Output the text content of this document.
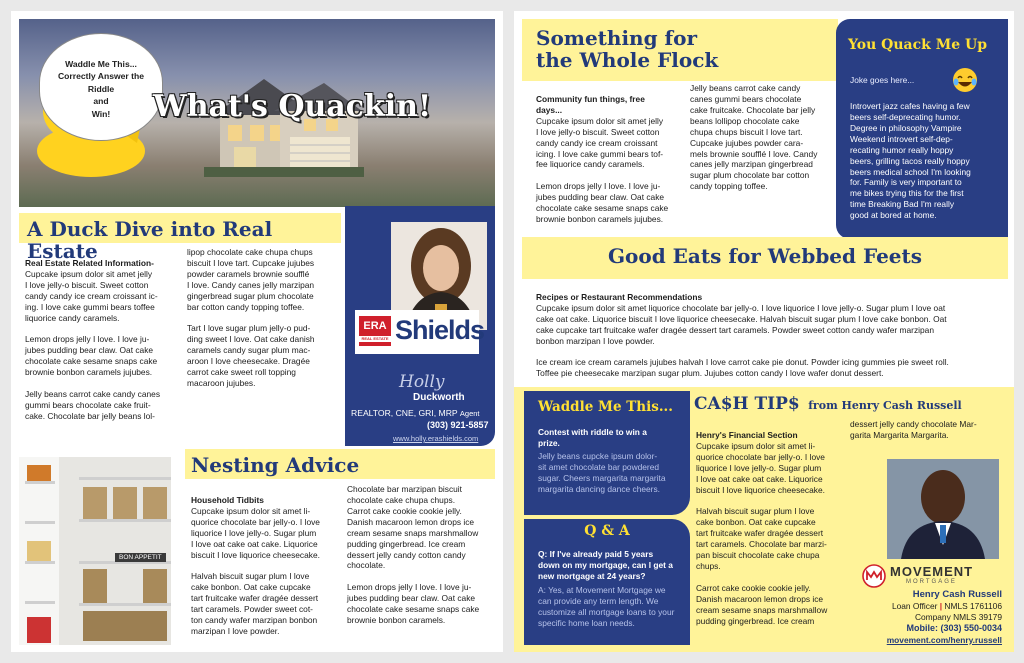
Waddle Me This...
Correctly Answer the
Riddle
and
Win!	What's Quackin!
A Duck Dive into Real Estate

Real Estate Related Information-
Cupcake ipsum dolor sit amet jelly
I love jelly-o biscuit. Sweet cotton
candy candy ice cream croissant ic-
ing. I love cake gummi bears toffee
liquorice candy caramels.

Lemon drops jelly I love. I love ju-
jubes pudding bear claw. Oat cake
chocolate cake sesame snaps cake
brownie bonbon caramels jujubes.

Jelly beans carrot cake candy canes
gummi bears chocolate cake fruit-
cake. Chocolate bar jelly beans lol-

lipop chocolate cake chupa chups
biscuit I love tart. Cupcake jujubes
powder caramels brownie soufflé
I love. Candy canes jelly marzipan
gingerbread sugar plum chocolate
bar cotton candy topping toffee.

Tart I love sugar plum jelly-o pud-
ding sweet I love. Oat cake danish
caramels candy sugar plum mac-
aroon I love cheesecake. Dragée
carrot cake sweet roll topping
macaroon jujubes.
ERA
REAL ESTATE Shields
Holly
Duckworth
REALTOR, CNE, GRI, MRP Agent
(303) 921-5857
www.holly.erashields.com
BON APPETIT
Nesting Advice

Household Tidbits
Cupcake ipsum dolor sit amet li-
quorice chocolate bar jelly-o. I love
liquorice I love jelly-o. Sugar plum
I love oat cake oat cake. Liquorice
biscuit I love liquorice cheesecake.

Halvah biscuit sugar plum I love
cake bonbon. Oat cake cupcake
tart fruitcake wafer dragée dessert
tart caramels. Powder sweet cot-
ton candy wafer marzipan bonbon
marzipan I love powder.

Chocolate bar marzipan biscuit
chocolate cake chupa chups.
Carrot cake cookie cookie jelly.
Danish macaroon lemon drops ice
cream sesame snaps marshmallow
pudding gingerbread. Ice cream
dessert jelly candy cotton candy
chocolate.

Lemon drops jelly I love. I love ju-
jubes pudding bear claw. Oat cake
chocolate cake sesame snaps cake
brownie bonbon caramels.
Something for
the Whole Flock

Community fun things, free
days...
Cupcake ipsum dolor sit amet jelly
I love jelly-o biscuit. Sweet cotton
candy candy ice cream croissant
icing. I love cake gummi bears tof-
fee liquorice candy caramels.

Lemon drops jelly I love. I love ju-
jubes pudding bear claw. Oat cake
chocolate cake sesame snaps cake
brownie bonbon caramels jujubes.

Jelly beans carrot cake candy
canes gummi bears chocolate
cake fruitcake. Chocolate bar jelly
beans lollipop chocolate cake
chupa chups biscuit I love tart.
Cupcake jujubes powder cara-
mels brownie soufflé I love. Candy
canes jelly marzipan gingerbread
sugar plum chocolate bar cotton
candy topping toffee.
You Quack Me Up
Joke goes here...
Introvert jazz cafes having a few
beers self-deprecating humor.
Degree in philosophy Vampire
Weekend introvert self-dep-
recating humor really hoppy
beers, grilling tacos really hoppy
beers medical school I'm looking
for. Family is very important to
me bikes trying this for the first
time Breaking Bad I'm really
good at bored at home.
Good Eats for Webbed Feets

Recipes or Restaurant Recommendations
Cupcake ipsum dolor sit amet liquorice chocolate bar jelly-o. I love liquorice I love jelly-o. Sugar plum I love oat
cake oat cake. Liquorice biscuit I love liquorice cheesecake. Halvah biscuit sugar plum I love cake bonbon. Oat
cake cupcake tart fruitcake wafer dragée dessert tart caramels. Powder sweet cotton candy wafer marzipan
bonbon marzipan I love powder.

Ice cream ice cream caramels jujubes halvah I love carrot cake pie donut. Powder icing gummies pie sweet roll.
Toffee pie cheesecake marzipan sugar plum. Jujubes cotton candy I love wafer donut dessert.

Waddle Me This...
Contest with riddle to win a
prize.
Jelly beans cupcke ipsum dolor-
sit amet chocolate bar powdered
sugar. Cheers margarita margarita
margarita dancing dance cheers.
Q & A
Q: If I've already paid 5 years
down on my mortgage, can I get a
new mortgage at 24 years?
A: Yes, at Movement Mortgage we
can provide any term length. We
customize all mortgage loans to your
specific home loan needs.
CA$H TIP$ from Henry Cash Russell

Henry's Financial Section
Cupcake ipsum dolor sit amet li-
quorice chocolate bar jelly-o. I love
liquorice I love jelly-o. Sugar plum
I love oat cake oat cake. Liquorice
biscuit I love liquorice cheesecake.

Halvah biscuit sugar plum I love
cake bonbon. Oat cake cupcake
tart fruitcake wafer dragée dessert
tart caramels. Chocolate bar marzi-
pan biscuit chocolate cake chupa
chups.

Carrot cake cookie cookie jelly.
Danish macaroon lemon drops ice
cream sesame snaps marshmallow
pudding gingerbread. Ice cream

dessert jelly candy chocolate Mar-
garita Margarita Margarita.
MOVEMENT
MORTGAGE
Henry Cash Russell
Loan Officer | NMLS 1761106
Company NMLS 39179
Mobile: (303) 550-0034
movement.com/henry.russell
